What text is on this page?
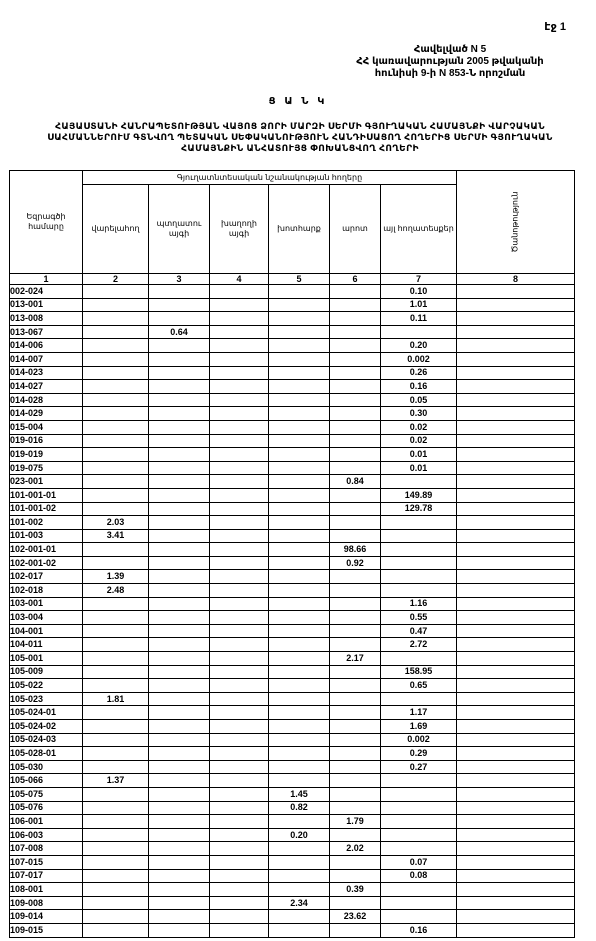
էջ 1
Հավելված N 5
ՀՀ կառավարության 2005 թվականի
հունիսի 9-ի N 853-Ն որոշման
Ց Ա Ն Կ
ՀԱՅԱՍՏԱՆԻ ՀԱՆՐԱՊԵՏՈՒԹՅԱՆ ՎԱՅՈՑ ՁՈՐԻ ՄԱՐԶԻ ՍԵՐՄԻ ԳՅՈՒՂԱԿԱՆ ՀԱՄԱՅՆՔԻ ՎԱՐՉԱԿԱՆ
ՍԱՀՄԱՆՆԵՐՈՒՄ ԳՏՆՎՈՂ ՊԵՏԱԿԱՆ ՍԵՓԱԿԱՆՈՒԹՅՈՒՆ ՀԱՆԴԻՍԱՑՈՂ ՀՈՂԵՐԻՑ ՍԵՐՄԻ ԳՅՈՒՂԱԿԱՆ
ՀԱՄԱՅՆՔԻՆ ԱՆՀԱՏՈՒՅՑ ՓՈԽԱՆՑՎՈՂ ՀՈՂԵՐԻ
Եզրագծի համարը	Գյուղատնտեսական նշանակության հողերը						Ծանոթություն
	վարելահող	պտղատու այգի	խաղողի այգի	խոտհարք	արոտ	այլ հողատեսքեր	
1	2	3	4	5	6	7	8
002-024						0.10	
013-001						1.01	
013-008						0.11	
013-067		0.64					
014-006						0.20	
014-007						0.002	
014-023						0.26	
014-027						0.16	
014-028						0.05	
014-029						0.30	
015-004						0.02	
019-016						0.02	
019-019						0.01	
019-075						0.01	
023-001					0.84		
101-001-01						149.89	
101-001-02						129.78	
101-002	2.03						
101-003	3.41						
102-001-01					98.66		
102-001-02					0.92		
102-017	1.39						
102-018	2.48						
103-001						1.16	
103-004						0.55	
104-001						0.47	
104-011						2.72	
105-001					2.17		
105-009						158.95	
105-022						0.65	
105-023	1.81						
105-024-01						1.17	
105-024-02						1.69	
105-024-03						0.002	
105-028-01						0.29	
105-030						0.27	
105-066	1.37						
105-075				1.45			
105-076				0.82			
106-001					1.79		
106-003				0.20			
107-008					2.02		
107-015						0.07	
107-017						0.08	
108-001					0.39		
109-008				2.34			
109-014					23.62		
109-015						0.16	
